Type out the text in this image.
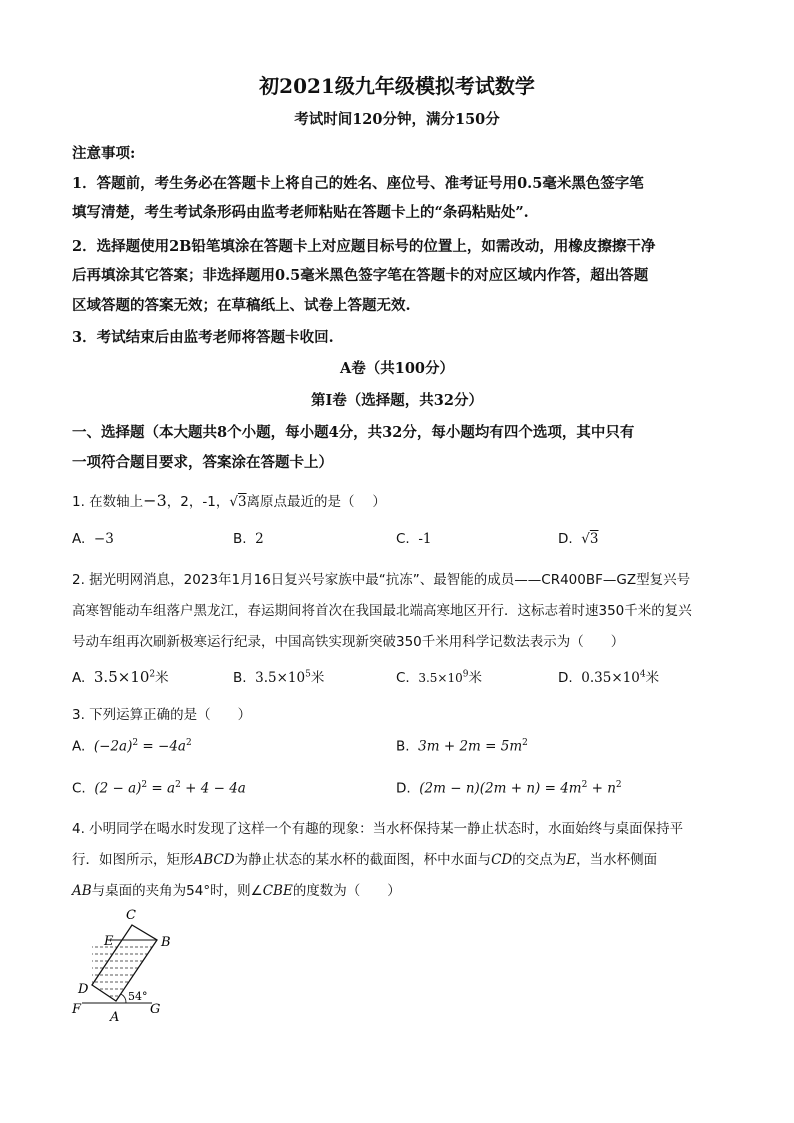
初2021级九年级模拟考试数学
考试时间120分钟，满分150分
注意事项:
1．答题前，考生务必在答题卡上将自己的姓名、座位号、准考证号用0.5毫米黑色签字笔
填写清楚，考生考试条形码由监考老师粘贴在答题卡上的“条码粘贴处”.
2．选择题使用2B铅笔填涂在答题卡上对应题目标号的位置上，如需改动，用橡皮擦擦干净
后再填涂其它答案；非选择题用0.5毫米黑色签字笔在答题卡的对应区域内作答，超出答题
区域答题的答案无效；在草稿纸上、试卷上答题无效.
3．考试结束后由监考老师将答题卡收回.
A卷（共100分）
第Ⅰ卷（选择题，共32分）
一、选择题（本大题共8个小题，每小题4分，共32分，每小题均有四个选项，其中只有
一项符合题目要求，答案涂在答题卡上）
1. 在数轴上−3，2，-1，√3离原点最近的是（　 ）
A. −3	B. 2	C. -1	D. √3
2. 据光明网消息，2023年1月16日复兴号家族中最“抗冻”、最智能的成员——CR400BF—GZ型复兴号
高寒智能动车组落户黑龙江，春运期间将首次在我国最北端高寒地区开行．这标志着时速350千米的复兴
号动车组再次刷新极寒运行纪录，中国高铁实现新突破350千米用科学记数法表示为（　　）
A. $3.5\times 10^2$米	B. $3.5\times 10^5$米	C. $3.5\times 10^9$米	D. $0.35\times 10^4$米
3. 下列运算正确的是（　　）
A. $(-2a)^2 = -4a^2$	B. $3m + 2m = 5m^2$
C. $(2 - a)^2 = a^2 + 4 - 4a$	D. $(2m - n)(2m + n) = 4m^2 + n^2$
4. 小明同学在喝水时发现了这样一个有趣的现象：当水杯保持某一静止状态时，水面始终与桌面保持平
行．如图所示，矩形ABCD为静止状态的某水杯的截面图，杯中水面与CD的交点为E，当水杯侧面
AB与桌面的夹角为54°时，则∠CBE的度数为（　　）
C
E	B
D
F
A
G
54°
